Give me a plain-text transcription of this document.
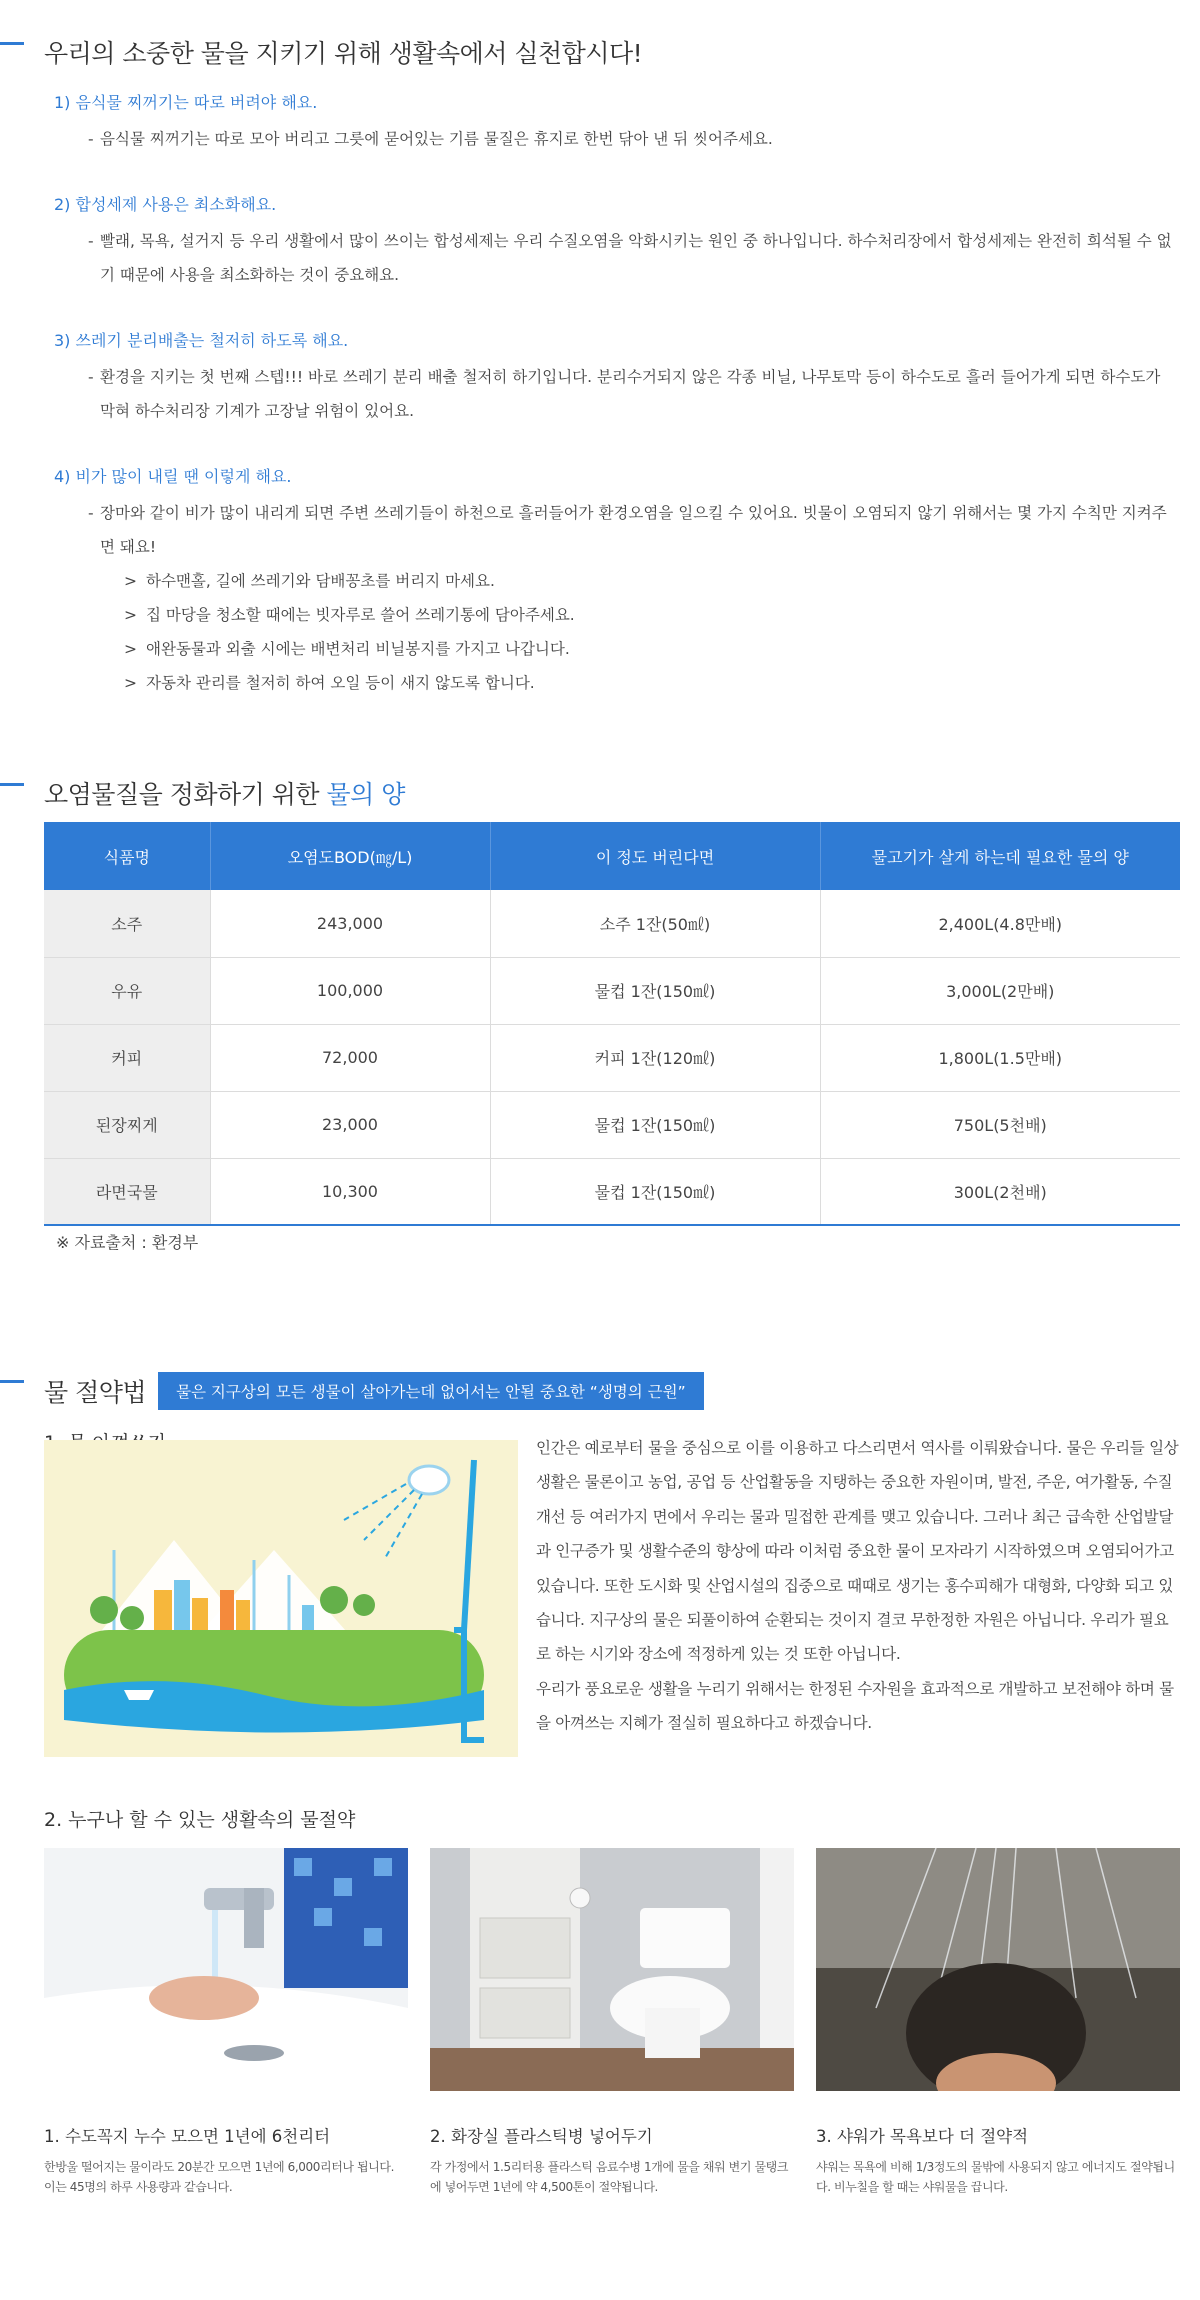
우리의 소중한 물을 지키기 위해 생활속에서 실천합시다!
1) 음식물 찌꺼기는 따로 버려야 해요.
- 음식물 찌꺼기는 따로 모아 버리고 그릇에 묻어있는 기름 물질은 휴지로 한번 닦아 낸 뒤 씻어주세요.
2) 합성세제 사용은 최소화해요.
- 빨래, 목욕, 설거지 등 우리 생활에서 많이 쓰이는 합성세제는 우리 수질오염을 악화시키는 원인 중 하나입니다. 하수처리장에서 합성세제는 완전히 희석될 수 없기 때문에 사용을 최소화하는 것이 중요해요.
3) 쓰레기 분리배출는 철저히 하도록 해요.
- 환경을 지키는 첫 번째 스텝!!! 바로 쓰레기 분리 배출 철저히 하기입니다. 분리수거되지 않은 각종 비닐, 나무토막 등이 하수도로 흘러 들어가게 되면 하수도가 막혀 하수처리장 기계가 고장날 위험이 있어요.
4) 비가 많이 내릴 땐 이렇게 해요.
- 장마와 같이 비가 많이 내리게 되면 주변 쓰레기들이 하천으로 흘러들어가 환경오염을 일으킬 수 있어요. 빗물이 오염되지 않기 위해서는 몇 가지 수칙만 지켜주면 돼요!
> 하수맨홀, 길에 쓰레기와 담배꽁초를 버리지 마세요.
> 집 마당을 청소할 때에는 빗자루로 쓸어 쓰레기통에 담아주세요.
> 애완동물과 외출 시에는 배변처리 비닐봉지를 가지고 나갑니다.
> 자동차 관리를 철저히 하여 오일 등이 새지 않도록 합니다.
오염물질을 정화하기 위한 물의 양
식품명	오염도BOD(㎎/L)	이 정도 버린다면	물고기가 살게 하는데 필요한 물의 양
소주	243,000	소주 1잔(50㎖)	2,400L(4.8만배)
우유	100,000	물컵 1잔(150㎖)	3,000L(2만배)
커피	72,000	커피 1잔(120㎖)	1,800L(1.5만배)
된장찌게	23,000	물컵 1잔(150㎖)	750L(5천배)
라면국물	10,300	물컵 1잔(150㎖)	300L(2천배)
※ 자료출처 : 환경부
물 절약법	물은 지구상의 모든 생물이 살아가는데 없어서는 안될 중요한 “생명의 근원”

인간은 예로부터 물을 중심으로 이를 이용하고 다스리면서 역사를 이뤄왔습니다. 물은 우리들 일상생활은 물론이고 농업, 공업 등 산업활동을 지탱하는 중요한 자원이며, 발전, 주운, 여가활동, 수질개선 등 여러가지 면에서 우리는 물과 밀접한 관계를 맺고 있습니다. 그러나 최근 급속한 산업발달과 인구증가 및 생활수준의 향상에 따라 이처럼 중요한 물이 모자라기 시작하였으며 오염되어가고 있습니다. 또한 도시화 및 산업시설의 집중으로 때때로 생기는 홍수피해가 대형화, 다양화 되고 있습니다. 지구상의 물은 되풀이하여 순환되는 것이지 결코 무한정한 자원은 아닙니다. 우리가 필요로 하는 시기와 장소에 적정하게 있는 것 또한 아닙니다.

우리가 풍요로운 생활을 누리기 위해서는 한정된 수자원을 효과적으로 개발하고 보전해야 하며 물을 아껴쓰는 지혜가 절실히 필요하다고 하겠습니다.

2. 누구나 할 수 있는 생활속의 물절약
1. 수도꼭지 누수 모으면 1년에 6천리터
한방울 떨어지는 물이라도 20분간 모으면 1년에 6,000리터나 됩니다. 이는 45명의 하루 사용량과 같습니다.
2. 화장실 플라스틱병 넣어두기
각 가정에서 1.5리터용 플라스틱 음료수병 1개에 물을 채워 변기 물탱크에 넣어두면 1년에 약 4,500톤이 절약됩니다.
3. 샤워가 목욕보다 더 절약적
샤워는 목욕에 비해 1/3정도의 물밖에 사용되지 않고 에너지도 절약됩니다. 비누칠을 할 때는 샤워물을 끕니다.
